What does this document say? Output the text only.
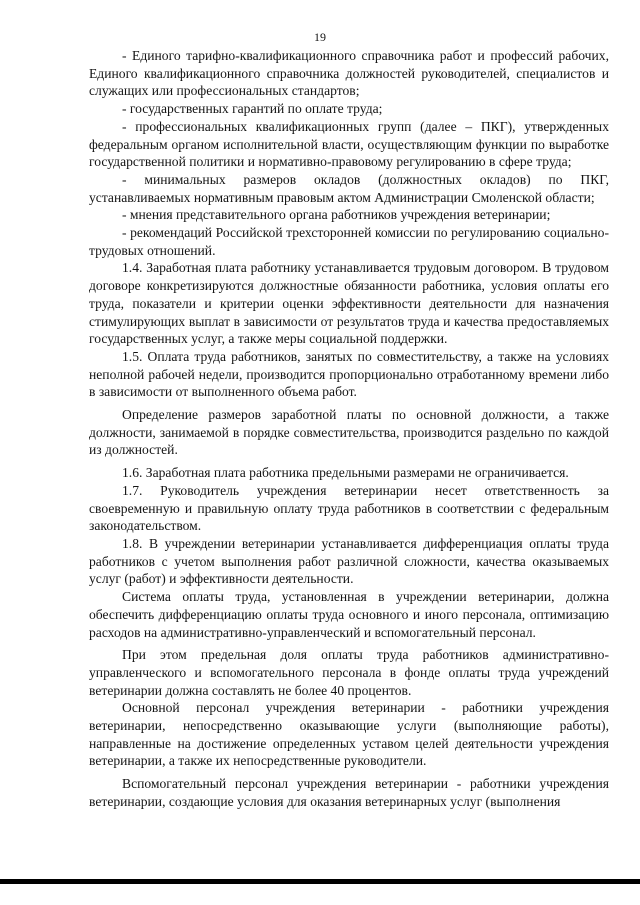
19

- Единого тарифно-квалификационного справочника работ и профессий рабочих, Единого квалификационного справочника должностей руководителей, специалистов и служащих или профессиональных стандартов;

- государственных гарантий по оплате труда;

- профессиональных квалификационных групп (далее – ПКГ), утвержденных федеральным органом исполнительной власти, осуществляющим функции по выработке государственной политики и нормативно-правовому регулированию в сфере труда;

- минимальных размеров окладов (должностных окладов) по ПКГ, устанавливаемых нормативным правовым актом Администрации Смоленской области;

- мнения представительного органа работников учреждения ветеринарии;

- рекомендаций Российской трехсторонней комиссии по регулированию социально-трудовых отношений.

1.4. Заработная плата работнику устанавливается трудовым договором. В трудовом договоре конкретизируются должностные обязанности работника, условия оплаты его труда, показатели и критерии оценки эффективности деятельности для назначения стимулирующих выплат в зависимости от результатов труда и качества предоставляемых государственных услуг, а также меры социальной поддержки.

1.5. Оплата труда работников, занятых по совместительству, а также на условиях неполной рабочей недели, производится пропорционально отработанному времени либо в зависимости от выполненного объема работ.

Определение размеров заработной платы по основной должности, а также должности, занимаемой в порядке совместительства, производится раздельно по каждой из должностей.

1.6. Заработная плата работника предельными размерами не ограничивается.

1.7. Руководитель учреждения ветеринарии несет ответственность за своевременную и правильную оплату труда работников в соответствии с федеральным законодательством.

1.8. В учреждении ветеринарии устанавливается дифференциация оплаты труда работников с учетом выполнения работ различной сложности, качества оказываемых услуг (работ) и эффективности деятельности.

Система оплаты труда, установленная в учреждении ветеринарии, должна обеспечить дифференциацию оплаты труда основного и иного персонала, оптимизацию расходов на административно-управленческий и вспомогательный персонал.

При этом предельная доля оплаты труда работников административно-управленческого и вспомогательного персонала в фонде оплаты труда учреждений ветеринарии должна составлять не более 40 процентов.

Основной персонал учреждения ветеринарии - работники учреждения ветеринарии, непосредственно оказывающие услуги (выполняющие работы), направленные на достижение определенных уставом целей деятельности учреждения ветеринарии, а также их непосредственные руководители.

Вспомогательный персонал учреждения ветеринарии - работники учреждения ветеринарии, создающие условия для оказания ветеринарных услуг (выполнения
